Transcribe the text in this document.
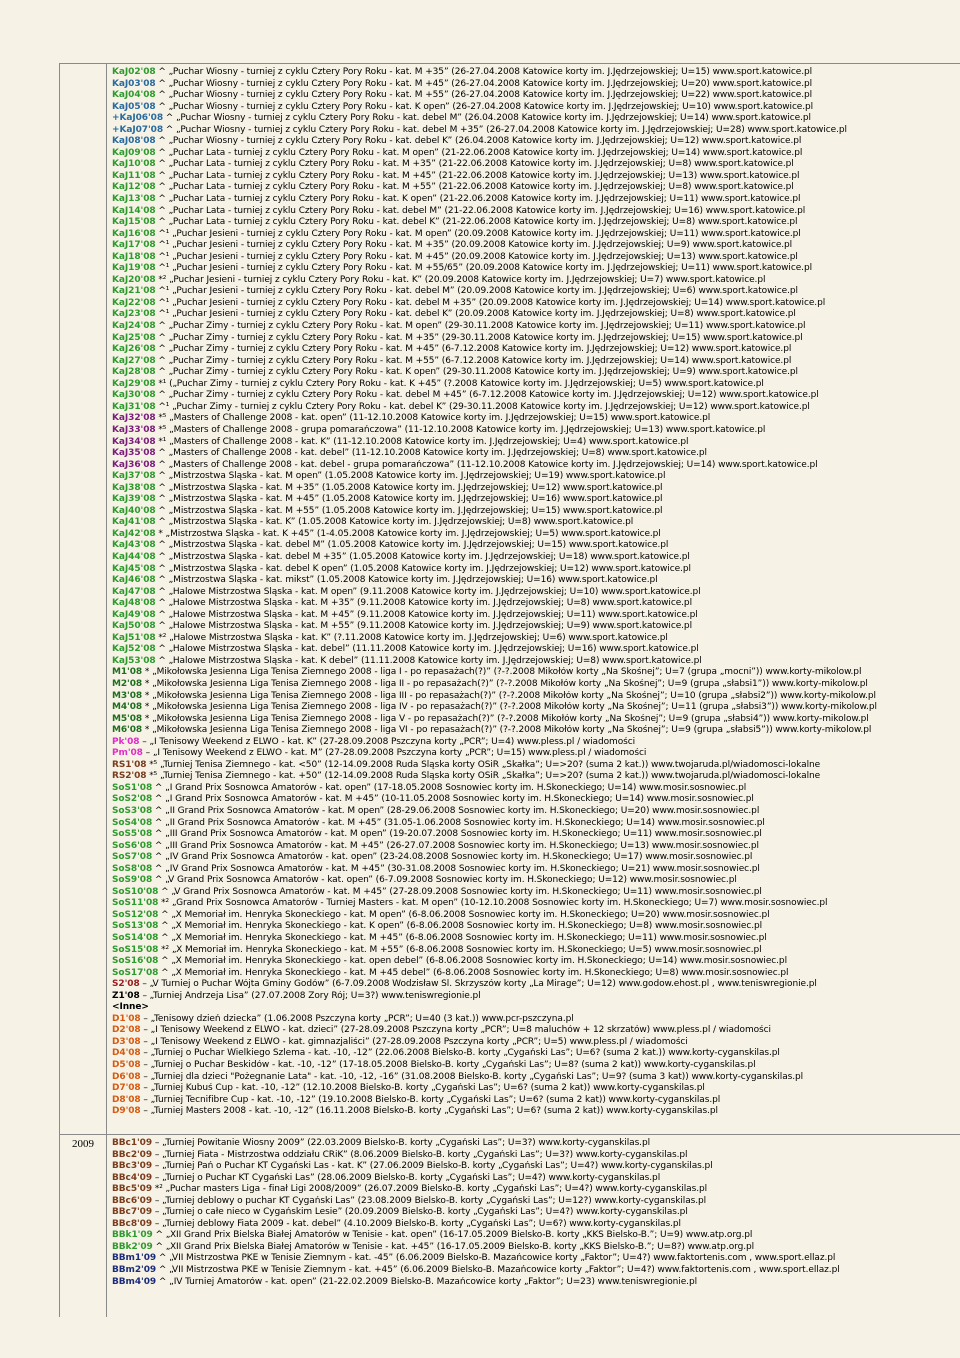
2009
KaJ02'08 ^ „Puchar Wiosny - turniej z cyklu Cztery Pory Roku - kat. M +35” (26-27.04.2008 Katowice korty im. J.Jędrzejowskiej; U=15) www.sport.katowice.pl
KaJ03'08 ^ „Puchar Wiosny - turniej z cyklu Cztery Pory Roku - kat. M +45” (26-27.04.2008 Katowice korty im. J.Jędrzejowskiej; U=20) www.sport.katowice.pl
KaJ04'08 ^ „Puchar Wiosny - turniej z cyklu Cztery Pory Roku - kat. M +55” (26-27.04.2008 Katowice korty im. J.Jędrzejowskiej; U=22) www.sport.katowice.pl
KaJ05'08 ^ „Puchar Wiosny - turniej z cyklu Cztery Pory Roku - kat. K open” (26-27.04.2008 Katowice korty im. J.Jędrzejowskiej; U=10) www.sport.katowice.pl
+KaJ06'08 ^ „Puchar Wiosny - turniej z cyklu Cztery Pory Roku - kat. debel M” (26.04.2008 Katowice korty im. J.Jędrzejowskiej; U=14) www.sport.katowice.pl
+KaJ07'08 ^ „Puchar Wiosny - turniej z cyklu Cztery Pory Roku - kat. debel M +35” (26-27.04.2008 Katowice korty im. J.Jędrzejowskiej; U=28) www.sport.katowice.pl
KaJ08'08 ^ „Puchar Wiosny - turniej z cyklu Cztery Pory Roku - kat. debel K” (26.04.2008 Katowice korty im. J.Jędrzejowskiej; U=12) www.sport.katowice.pl
KaJ09'08 ^ „Puchar Lata - turniej z cyklu Cztery Pory Roku - kat. M open” (21-22.06.2008 Katowice korty im. J.Jędrzejowskiej; U=14) www.sport.katowice.pl
KaJ10'08 ^ „Puchar Lata - turniej z cyklu Cztery Pory Roku - kat. M +35” (21-22.06.2008 Katowice korty im. J.Jędrzejowskiej; U=8) www.sport.katowice.pl
KaJ11'08 ^ „Puchar Lata - turniej z cyklu Cztery Pory Roku - kat. M +45” (21-22.06.2008 Katowice korty im. J.Jędrzejowskiej; U=13) www.sport.katowice.pl
KaJ12'08 ^ „Puchar Lata - turniej z cyklu Cztery Pory Roku - kat. M +55” (21-22.06.2008 Katowice korty im. J.Jędrzejowskiej; U=8) www.sport.katowice.pl
KaJ13'08 ^ „Puchar Lata - turniej z cyklu Cztery Pory Roku - kat. K open” (21-22.06.2008 Katowice korty im. J.Jędrzejowskiej; U=11) www.sport.katowice.pl
KaJ14'08 ^ „Puchar Lata - turniej z cyklu Cztery Pory Roku - kat. debel M” (21-22.06.2008 Katowice korty im. J.Jędrzejowskiej; U=16) www.sport.katowice.pl
KaJ15'08 ^ „Puchar Lata - turniej z cyklu Cztery Pory Roku - kat. debel K” (21-22.06.2008 Katowice korty im. J.Jędrzejowskiej; U=8) www.sport.katowice.pl
KaJ16'08 ^¹ „Puchar Jesieni - turniej z cyklu Cztery Pory Roku - kat. M open” (20.09.2008 Katowice korty im. J.Jędrzejowskiej; U=11) www.sport.katowice.pl
KaJ17'08 ^¹ „Puchar Jesieni - turniej z cyklu Cztery Pory Roku - kat. M +35” (20.09.2008 Katowice korty im. J.Jędrzejowskiej; U=9) www.sport.katowice.pl
KaJ18'08 ^¹ „Puchar Jesieni - turniej z cyklu Cztery Pory Roku - kat. M +45” (20.09.2008 Katowice korty im. J.Jędrzejowskiej; U=13) www.sport.katowice.pl
KaJ19'08 ^¹ „Puchar Jesieni - turniej z cyklu Cztery Pory Roku - kat. M +55/65” (20.09.2008 Katowice korty im. J.Jędrzejowskiej; U=11) www.sport.katowice.pl
KaJ20'08 *² „Puchar Jesieni - turniej z cyklu Cztery Pory Roku - kat. K” (20.09.2008 Katowice korty im. J.Jędrzejowskiej; U=7) www.sport.katowice.pl
KaJ21'08 ^¹ „Puchar Jesieni - turniej z cyklu Cztery Pory Roku - kat. debel M” (20.09.2008 Katowice korty im. J.Jędrzejowskiej; U=6) www.sport.katowice.pl
KaJ22'08 ^¹ „Puchar Jesieni - turniej z cyklu Cztery Pory Roku - kat. debel M +35” (20.09.2008 Katowice korty im. J.Jędrzejowskiej; U=14) www.sport.katowice.pl
KaJ23'08 ^¹ „Puchar Jesieni - turniej z cyklu Cztery Pory Roku - kat. debel K” (20.09.2008 Katowice korty im. J.Jędrzejowskiej; U=8) www.sport.katowice.pl
KaJ24'08 ^ „Puchar Zimy - turniej z cyklu Cztery Pory Roku - kat. M open” (29-30.11.2008 Katowice korty im. J.Jędrzejowskiej; U=11) www.sport.katowice.pl
KaJ25'08 ^ „Puchar Zimy - turniej z cyklu Cztery Pory Roku - kat. M +35” (29-30.11.2008 Katowice korty im. J.Jędrzejowskiej; U=15) www.sport.katowice.pl
KaJ26'08 ^ „Puchar Zimy - turniej z cyklu Cztery Pory Roku - kat. M +45” (6-7.12.2008 Katowice korty im. J.Jędrzejowskiej; U=12) www.sport.katowice.pl
KaJ27'08 ^ „Puchar Zimy - turniej z cyklu Cztery Pory Roku - kat. M +55” (6-7.12.2008 Katowice korty im. J.Jędrzejowskiej; U=14) www.sport.katowice.pl
KaJ28'08 ^ „Puchar Zimy - turniej z cyklu Cztery Pory Roku - kat. K open” (29-30.11.2008 Katowice korty im. J.Jędrzejowskiej; U=9) www.sport.katowice.pl
KaJ29'08 *¹ („Puchar Zimy - turniej z cyklu Cztery Pory Roku - kat. K +45” (?.2008 Katowice korty im. J.Jędrzejowskiej; U=5) www.sport.katowice.pl
KaJ30'08 ^ „Puchar Zimy - turniej z cyklu Cztery Pory Roku - kat. debel M +45” (6-7.12.2008 Katowice korty im. J.Jędrzejowskiej; U=12) www.sport.katowice.pl
KaJ31'08 ^¹ „Puchar Zimy - turniej z cyklu Cztery Pory Roku - kat. debel K” (29-30.11.2008 Katowice korty im. J.Jędrzejowskiej; U=12) www.sport.katowice.pl
KaJ32'08 *⁵ „Masters of Challenge 2008 - kat. open” (11-12.10.2008 Katowice korty im. J.Jędrzejowskiej; U=15) www.sport.katowice.pl
KaJ33'08 *⁵ „Masters of Challenge 2008 - grupa pomarańczowa” (11-12.10.2008 Katowice korty im. J.Jędrzejowskiej; U=13) www.sport.katowice.pl
KaJ34'08 *¹ „Masters of Challenge 2008 - kat. K” (11-12.10.2008 Katowice korty im. J.Jędrzejowskiej; U=4) www.sport.katowice.pl
KaJ35'08 ^ „Masters of Challenge 2008 - kat. debel” (11-12.10.2008 Katowice korty im. J.Jędrzejowskiej; U=8) www.sport.katowice.pl
KaJ36'08 ^ „Masters of Challenge 2008 - kat. debel - grupa pomarańczowa” (11-12.10.2008 Katowice korty im. J.Jędrzejowskiej; U=14) www.sport.katowice.pl
KaJ37'08 ^ „Mistrzostwa Śląska - kat. M open” (1.05.2008 Katowice korty im. J.Jędrzejowskiej; U=19) www.sport.katowice.pl
KaJ38'08 ^ „Mistrzostwa Śląska - kat. M +35” (1.05.2008 Katowice korty im. J.Jędrzejowskiej; U=12) www.sport.katowice.pl
KaJ39'08 ^ „Mistrzostwa Śląska - kat. M +45” (1.05.2008 Katowice korty im. J.Jędrzejowskiej; U=16) www.sport.katowice.pl
KaJ40'08 ^ „Mistrzostwa Śląska - kat. M +55” (1.05.2008 Katowice korty im. J.Jędrzejowskiej; U=15) www.sport.katowice.pl
KaJ41'08 ^ „Mistrzostwa Śląska - kat. K” (1.05.2008 Katowice korty im. J.Jędrzejowskiej; U=8) www.sport.katowice.pl
KaJ42'08 * „Mistrzostwa Śląska - kat. K +45” (1-4.05.2008 Katowice korty im. J.Jędrzejowskiej; U=5) www.sport.katowice.pl
KaJ43'08 ^ „Mistrzostwa Śląska - kat. debel M” (1.05.2008 Katowice korty im. J.Jędrzejowskiej; U=15) www.sport.katowice.pl
KaJ44'08 ^ „Mistrzostwa Śląska - kat. debel M +35” (1.05.2008 Katowice korty im. J.Jędrzejowskiej; U=18) www.sport.katowice.pl
KaJ45'08 ^ „Mistrzostwa Śląska - kat. debel K open” (1.05.2008 Katowice korty im. J.Jędrzejowskiej; U=12) www.sport.katowice.pl
KaJ46'08 ^ „Mistrzostwa Śląska - kat. mikst” (1.05.2008 Katowice korty im. J.Jędrzejowskiej; U=16) www.sport.katowice.pl
KaJ47'08 ^ „Halowe Mistrzostwa Śląska - kat. M open” (9.11.2008 Katowice korty im. J.Jędrzejowskiej; U=10) www.sport.katowice.pl
KaJ48'08 ^ „Halowe Mistrzostwa Śląska - kat. M +35” (9.11.2008 Katowice korty im. J.Jędrzejowskiej; U=8) www.sport.katowice.pl
KaJ49'08 ^ „Halowe Mistrzostwa Śląska - kat. M +45” (9.11.2008 Katowice korty im. J.Jędrzejowskiej; U=11) www.sport.katowice.pl
KaJ50'08 ^ „Halowe Mistrzostwa Śląska - kat. M +55” (9.11.2008 Katowice korty im. J.Jędrzejowskiej; U=9) www.sport.katowice.pl
KaJ51'08 *² „Halowe Mistrzostwa Śląska - kat. K” (?.11.2008 Katowice korty im. J.Jędrzejowskiej; U=6) www.sport.katowice.pl
KaJ52'08 ^ „Halowe Mistrzostwa Śląska - kat. debel” (11.11.2008 Katowice korty im. J.Jędrzejowskiej; U=16) www.sport.katowice.pl
KaJ53'08 ^ „Halowe Mistrzostwa Śląska - kat. K debel” (11.11.2008 Katowice korty im. J.Jędrzejowskiej; U=8) www.sport.katowice.pl
M1'08 * „Mikołowska Jesienna Liga Tenisa Ziemnego 2008 - liga I - po repasażach(?)” (?-?.2008 Mikołów korty „Na Skośnej”; U=7 (grupa „mocni”)) www.korty-mikolow.pl
M2'08 * „Mikołowska Jesienna Liga Tenisa Ziemnego 2008 - liga II - po repasażach(?)” (?-?.2008 Mikołów korty „Na Skośnej”; U=9 (grupa „słabsi1”)) www.korty-mikolow.pl
M3'08 * „Mikołowska Jesienna Liga Tenisa Ziemnego 2008 - liga III - po repasażach(?)” (?-?.2008 Mikołów korty „Na Skośnej”; U=10 (grupa „słabsi2”)) www.korty-mikolow.pl
M4'08 * „Mikołowska Jesienna Liga Tenisa Ziemnego 2008 - liga IV - po repasażach(?)” (?-?.2008 Mikołów korty „Na Skośnej”; U=11 (grupa „słabsi3”)) www.korty-mikolow.pl
M5'08 * „Mikołowska Jesienna Liga Tenisa Ziemnego 2008 - liga V - po repasażach(?)” (?-?.2008 Mikołów korty „Na Skośnej”; U=9 (grupa „słabsi4”)) www.korty-mikolow.pl
M6'08 * „Mikołowska Jesienna Liga Tenisa Ziemnego 2008 - liga VI - po repasażach(?)” (?-?.2008 Mikołów korty „Na Skośnej”; U=9 (grupa „słabsi5”)) www.korty-mikolow.pl
Pk'08 – „I Tenisowy Weekend z ELWO - kat. K” (27-28.09.2008 Pszczyna korty „PCR”; U=4) www.pless.pl / wiadomości
Pm'08 – „I Tenisowy Weekend z ELWO - kat. M” (27-28.09.2008 Pszczyna korty „PCR”; U=15) www.pless.pl / wiadomości
RŚ1'08 *⁵ „Turniej Tenisa Ziemnego - kat. <50” (12-14.09.2008 Ruda Śląska korty OSiR „Skałka”; U=>20? (suma 2 kat.)) www.twojaruda.pl/wiadomosci-lokalne
RŚ2'08 *⁵ „Turniej Tenisa Ziemnego - kat. +50” (12-14.09.2008 Ruda Śląska korty OSiR „Skałka”; U=>20? (suma 2 kat.)) www.twojaruda.pl/wiadomosci-lokalne
SoS1'08 ^ „I Grand Prix Sosnowca Amatorów - kat. open” (17-18.05.2008 Sosnowiec korty im. H.Skoneckiego; U=14) www.mosir.sosnowiec.pl
SoS2'08 ^ „I Grand Prix Sosnowca Amatorów - kat. M +45” (10-11.05.2008 Sosnowiec korty im. H.Skoneckiego; U=14) www.mosir.sosnowiec.pl
SoS3'08 ^ „II Grand Prix Sosnowca Amatorów - kat. M open” (28-29.06.2008 Sosnowiec korty im. H.Skoneckiego; U=20) www.mosir.sosnowiec.pl
SoS4'08 ^ „II Grand Prix Sosnowca Amatorów - kat. M +45” (31.05-1.06.2008 Sosnowiec korty im. H.Skoneckiego; U=14) www.mosir.sosnowiec.pl
SoS5'08 ^ „III Grand Prix Sosnowca Amatorów - kat. M open” (19-20.07.2008 Sosnowiec korty im. H.Skoneckiego; U=11) www.mosir.sosnowiec.pl
SoS6'08 ^ „III Grand Prix Sosnowca Amatorów - kat. M +45” (26-27.07.2008 Sosnowiec korty im. H.Skoneckiego; U=13) www.mosir.sosnowiec.pl
SoS7'08 ^ „IV Grand Prix Sosnowca Amatorów - kat. open” (23-24.08.2008 Sosnowiec korty im. H.Skoneckiego; U=17) www.mosir.sosnowiec.pl
SoS8'08 ^ „IV Grand Prix Sosnowca Amatorów - kat. M +45” (30-31.08.2008 Sosnowiec korty im. H.Skoneckiego; U=21) www.mosir.sosnowiec.pl
SoS9'08 ^ „V Grand Prix Sosnowca Amatorów - kat. open” (6-7.09.2008 Sosnowiec korty im. H.Skoneckiego; U=12) www.mosir.sosnowiec.pl
SoS10'08 ^ „V Grand Prix Sosnowca Amatorów - kat. M +45” (27-28.09.2008 Sosnowiec korty im. H.Skoneckiego; U=11) www.mosir.sosnowiec.pl
SoS11'08 *² „Grand Prix Sosnowca Amatorów - Turniej Masters - kat. M open” (10-12.10.2008 Sosnowiec korty im. H.Skoneckiego; U=7) www.mosir.sosnowiec.pl
SoS12'08 ^ „X Memoriał im. Henryka Skoneckiego - kat. M open” (6-8.06.2008 Sosnowiec korty im. H.Skoneckiego; U=20) www.mosir.sosnowiec.pl
SoS13'08 ^ „X Memoriał im. Henryka Skoneckiego - kat. K open” (6-8.06.2008 Sosnowiec korty im. H.Skoneckiego; U=8) www.mosir.sosnowiec.pl
SoS14'08 ^ „X Memoriał im. Henryka Skoneckiego - kat. M +45” (6-8.06.2008 Sosnowiec korty im. H.Skoneckiego; U=11) www.mosir.sosnowiec.pl
SoS15'08 *² „X Memoriał im. Henryka Skoneckiego - kat. M +55” (6-8.06.2008 Sosnowiec korty im. H.Skoneckiego; U=5) www.mosir.sosnowiec.pl
SoS16'08 ^ „X Memoriał im. Henryka Skoneckiego - kat. open debel” (6-8.06.2008 Sosnowiec korty im. H.Skoneckiego; U=14) www.mosir.sosnowiec.pl
SoS17'08 ^ „X Memoriał im. Henryka Skoneckiego - kat. M +45 debel” (6-8.06.2008 Sosnowiec korty im. H.Skoneckiego; U=8) www.mosir.sosnowiec.pl
S2'08 – „V Turniej o Puchar Wójta Gminy Godów” (6-7.09.2008 Wodzisław Śl. Skrzyszów korty „La Mirage”; U=12) www.godow.ehost.pl , www.teniswregionie.pl
Ż1'08 – „Turniej Andrzeja Lisa” (27.07.2008 Żory Rój; U=3?) www.teniswregionie.pl
<Inne>
D1'08 – „Tenisowy dzień dziecka” (1.06.2008 Pszczyna korty „PCR”; U=40 (3 kat.)) www.pcr-pszczyna.pl
D2'08 – „I Tenisowy Weekend z ELWO - kat. dzieci” (27-28.09.2008 Pszczyna korty „PCR”; U=8 maluchów + 12 skrzatów) www.pless.pl / wiadomości
D3'08 – „I Tenisowy Weekend z ELWO - kat. gimnazjaliści” (27-28.09.2008 Pszczyna korty „PCR”; U=5) www.pless.pl / wiadomości
D4'08 – „Turniej o Puchar Wielkiego Szlema - kat. -10, -12” (22.06.2008 Bielsko-B. korty „Cygański Las”; U=6? (suma 2 kat.)) www.korty-cyganskilas.pl
D5'08 – „Turniej o Puchar Beskidów - kat. -10, -12” (17-18.05.2008 Bielsko-B. korty „Cygański Las”; U=8? (suma 2 kat)) www.korty-cyganskilas.pl
D6'08 – „Turniej dla dzieci "Pożegnanie Lata" - kat. -10, -12, -16” (31.08.2008 Bielsko-B. korty „Cygański Las”; U=9? (suma 3 kat)) www.korty-cyganskilas.pl
D7'08 – „Turniej Kubuś Cup - kat. -10, -12” (12.10.2008 Bielsko-B. korty „Cygański Las”; U=6? (suma 2 kat)) www.korty-cyganskilas.pl
D8'08 – „Turniej Tecnifibre Cup - kat. -10, -12” (19.10.2008 Bielsko-B. korty „Cygański Las”; U=6? (suma 2 kat)) www.korty-cyganskilas.pl
D9'08 – „Turniej Masters 2008 - kat. -10, -12” (16.11.2008 Bielsko-B. korty „Cygański Las”; U=6? (suma 2 kat)) www.korty-cyganskilas.pl
BBc1'09 – „Turniej Powitanie Wiosny 2009” (22.03.2009 Bielsko-B. korty „Cygański Las”; U=3?) www.korty-cyganskilas.pl
BBc2'09 – „Turniej Fiata - Mistrzostwa oddziału CRiK” (8.06.2009 Bielsko-B. korty „Cygański Las”; U=3?) www.korty-cyganskilas.pl
BBc3'09 – „Turniej Pań o Puchar KT Cygański Las - kat. K” (27.06.2009 Bielsko-B. korty „Cygański Las”; U=4?) www.korty-cyganskilas.pl
BBc4'09 – „Turniej o Puchar KT Cygański Las” (28.06.2009 Bielsko-B. korty „Cygański Las”; U=4?) www.korty-cyganskilas.pl
BBc5'09 *² „Puchar masters Liga - finał Ligi 2008/2009” (26.07.2009 Bielsko-B. korty „Cygański Las”; U=4?) www.korty-cyganskilas.pl
BBc6'09 – „Turniej deblowy o puchar KT Cygański Las” (23.08.2009 Bielsko-B. korty „Cygański Las”; U=12?) www.korty-cyganskilas.pl
BBc7'09 – „Turniej o całe nieco w Cygańskim Lesie” (20.09.2009 Bielsko-B. korty „Cygański Las”; U=4?) www.korty-cyganskilas.pl
BBc8'09 – „Turniej deblowy Fiata 2009 - kat. debel” (4.10.2009 Bielsko-B. korty „Cygański Las”; U=6?) www.korty-cyganskilas.pl
BBk1'09 ^ „XII Grand Prix Bielska Białej Amatorów w Tenisie - kat. open” (16-17.05.2009 Bielsko-B. korty „KKS Bielsko-B.”; U=9) www.atp.org.pl
BBk2'09 ^ „XII Grand Prix Bielska Białej Amatorów w Tenisie - kat. +45” (16-17.05.2009 Bielsko-B. korty „KKS Bielsko-B.”; U=8?) www.atp.org.pl
BBm1'09 ^ „VII Mistrzostwa PKE w Tenisie Ziemnym - kat. -45” (6.06.2009 Bielsko-B. Mazańcowice korty „Faktor”; U=4?) www.faktortenis.com , www.sport.ellaz.pl
BBm2'09 ^ „VII Mistrzostwa PKE w Tenisie Ziemnym - kat. +45” (6.06.2009 Bielsko-B. Mazańcowice korty „Faktor”; U=4?) www.faktortenis.com , www.sport.ellaz.pl
BBm4'09 ^ „IV Turniej Amatorów - kat. open” (21-22.02.2009 Bielsko-B. Mazańcowice korty „Faktor”; U=23) www.teniswregionie.pl
